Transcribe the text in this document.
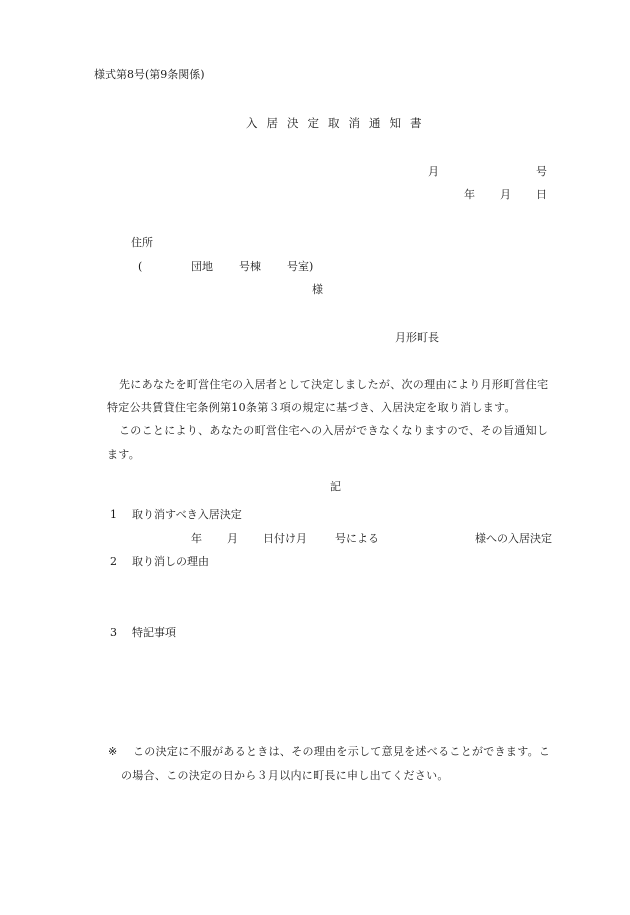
様式第8号(第9条関係)
入居決定取消通知書
月	号
年 月 日
住所
(	団地 号棟 号室)
様
月形町長
先にあなたを町営住宅の入居者として決定しましたが、次の理由により月形町営住宅
特定公共賃貸住宅条例第10条第３項の規定に基づき、入居決定を取り消します。
このことにより、あなたの町営住宅への入居ができなくなりますので、その旨通知し
ます。
記
1 取り消すべき入居決定
年 月 日付け月	号による	様への入居決定
2 取り消しの理由
3 特記事項
※ この決定に不服があるときは、その理由を示して意見を述べることができます。こ
の場合、この決定の日から３月以内に町長に申し出てください。
